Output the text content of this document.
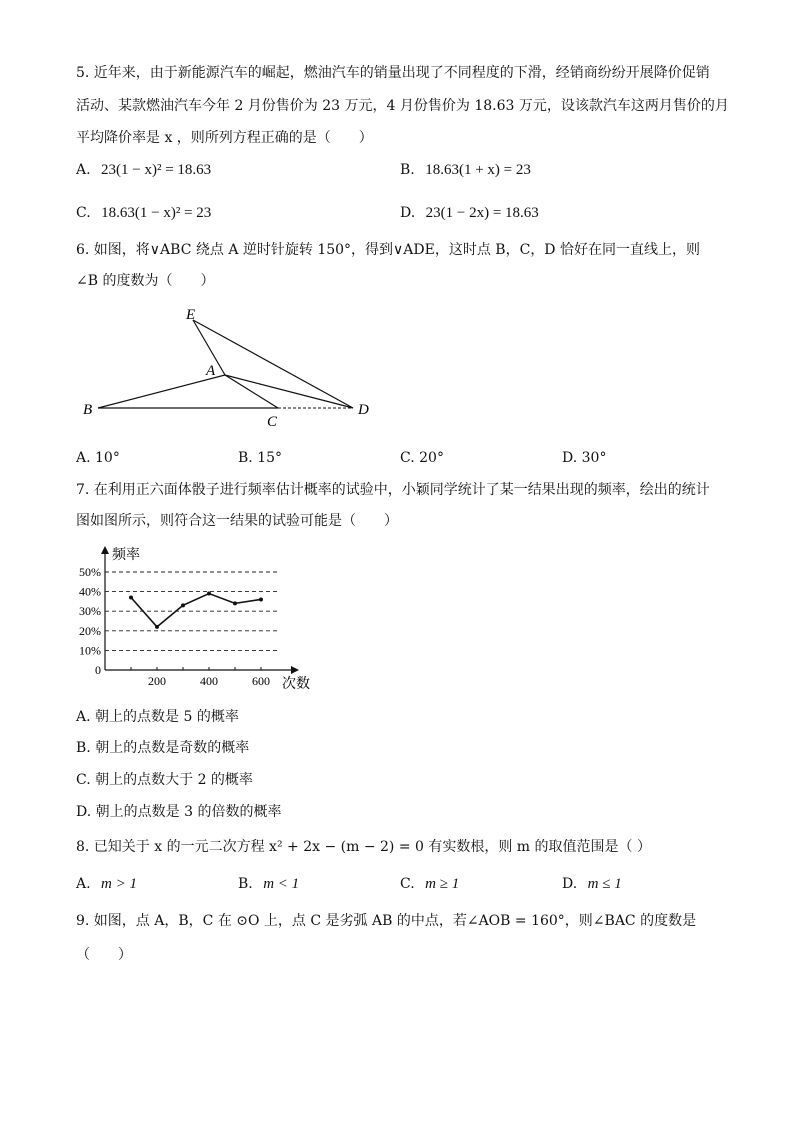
5. 近年来，由于新能源汽车的崛起，燃油汽车的销量出现了不同程度的下滑，经销商纷纷开展降价促销
活动、某款燃油汽车今年 2 月份售价为 23 万元，4 月份售价为 18.63 万元，设该款汽车这两月售价的月
平均降价率是 x ，则所列方程正确的是（　　）
A. 23(1 − x)² = 18.63	B. 18.63(1 + x) = 23
C. 18.63(1 − x)² = 23	D. 23(1 − 2x) = 18.63
6. 如图，将∨ABC 绕点 A 逆时针旋转 150°，得到∨ADE，这时点 B，C，D 恰好在同一直线上，则
∠B 的度数为（　　）
E
A
B
C
D
A. 10°	B. 15°	C. 20°	D. 30°
7. 在利用正六面体骰子进行频率估计概率的试验中，小颖同学统计了某一结果出现的频率，绘出的统计
图如图所示，则符合这一结果的试验可能是（　　）
0
10%
20%
30%
40%
50%
200	400	600
频率
次数
A. 朝上的点数是 5 的概率
B. 朝上的点数是奇数的概率
C. 朝上的点数大于 2 的概率
D. 朝上的点数是 3 的倍数的概率
8. 已知关于 x 的一元二次方程 x² + 2x − (m − 2) = 0 有实数根，则 m 的取值范围是（ ）
A. m > 1	B. m < 1	C. m ≥ 1	D. m ≤ 1
9. 如图，点 A，B，C 在 ⊙O 上，点 C 是劣弧 AB 的中点，若∠AOB = 160°，则∠BAC 的度数是
（　　）
